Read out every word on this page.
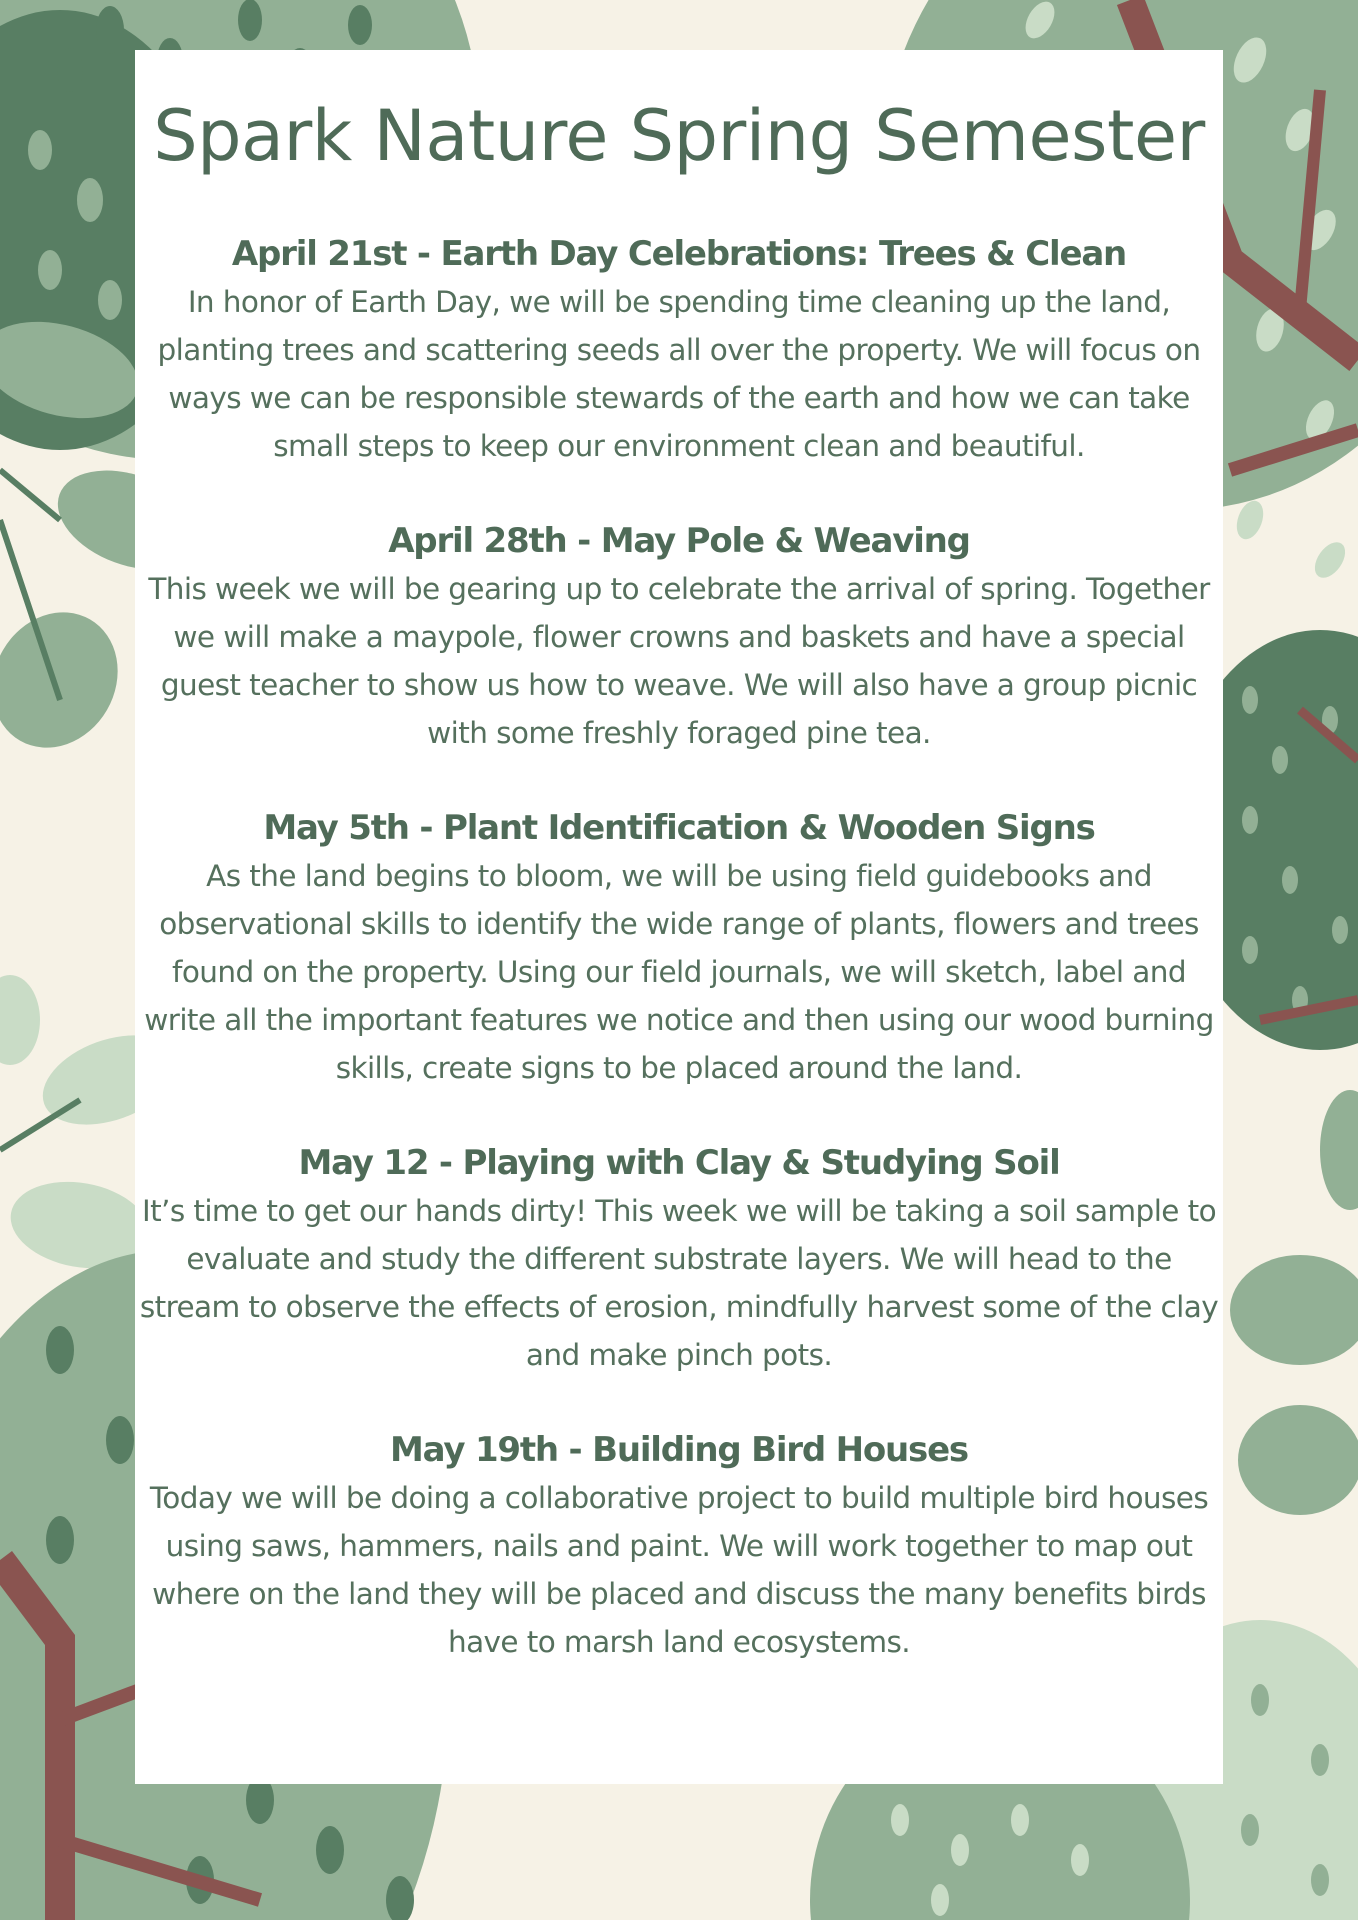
Spark Nature Spring Semester
April 21st - Earth Day Celebrations: Trees & Clean

In honor of Earth Day, we will be spending time cleaning up the land, planting trees and scattering seeds all over the property. We will focus on ways we can be responsible stewards of the earth and how we can take small steps to keep our environment clean and beautiful.

April 28th - May Pole & Weaving

This week we will be gearing up to celebrate the arrival of spring. Together we will make a maypole, flower crowns and baskets and have a special guest teacher to show us how to weave. We will also have a group picnic with some freshly foraged pine tea.

May 5th - Plant Identification & Wooden Signs

As the land begins to bloom, we will be using field guidebooks and observational skills to identify the wide range of plants, flowers and trees found on the property. Using our field journals, we will sketch, label and write all the important features we notice and then using our wood burning skills, create signs to be placed around the land.

May 12 - Playing with Clay & Studying Soil

It’s time to get our hands dirty! This week we will be taking a soil sample to evaluate and study the different substrate layers. We will head to the stream to observe the effects of erosion, mindfully harvest some of the clay and make pinch pots.

May 19th - Building Bird Houses

Today we will be doing a collaborative project to build multiple bird houses using saws, hammers, nails and paint. We will work together to map out where on the land they will be placed and discuss the many benefits birds have to marsh land ecosystems.
